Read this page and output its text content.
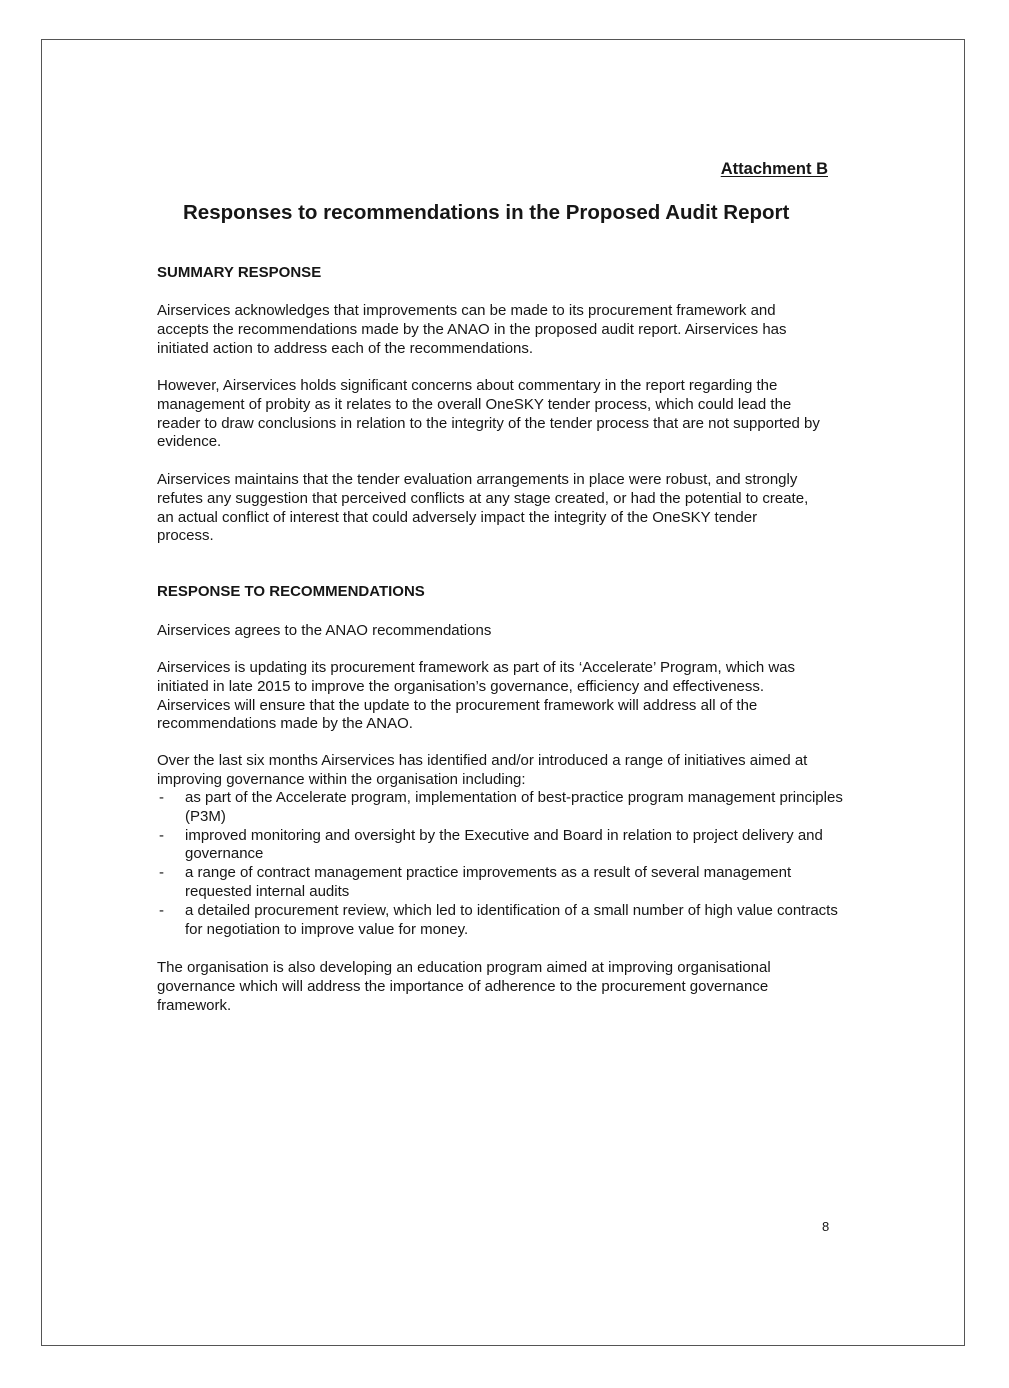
Attachment B
Responses to recommendations in the Proposed Audit Report
SUMMARY RESPONSE
Airservices acknowledges that improvements can be made to its procurement framework and accepts the recommendations made by the ANAO in the proposed audit report. Airservices has initiated action to address each of the recommendations.
However, Airservices holds significant concerns about commentary in the report regarding the management of probity as it relates to the overall OneSKY tender process, which could lead the reader to draw conclusions in relation to the integrity of the tender process that are not supported by evidence.
Airservices maintains that the tender evaluation arrangements in place were robust, and strongly refutes any suggestion that perceived conflicts at any stage created, or had the potential to create, an actual conflict of interest that could adversely impact the integrity of the OneSKY tender process.
RESPONSE TO RECOMMENDATIONS
Airservices agrees to the ANAO recommendations
Airservices is updating its procurement framework as part of its ‘Accelerate’ Program, which was initiated in late 2015 to improve the organisation’s governance, efficiency and effectiveness. Airservices will ensure that the update to the procurement framework will address all of the recommendations made by the ANAO.
Over the last six months Airservices has identified and/or introduced a range of initiatives aimed at improving governance within the organisation including:
- as part of the Accelerate program, implementation of best-practice program management principles (P3M)
- improved monitoring and oversight by the Executive and Board in relation to project delivery and governance
- a range of contract management practice improvements as a result of several management requested internal audits
- a detailed procurement review, which led to identification of a small number of high value contracts for negotiation to improve value for money.
The organisation is also developing an education program aimed at improving organisational governance which will address the importance of adherence to the procurement governance framework.
8
